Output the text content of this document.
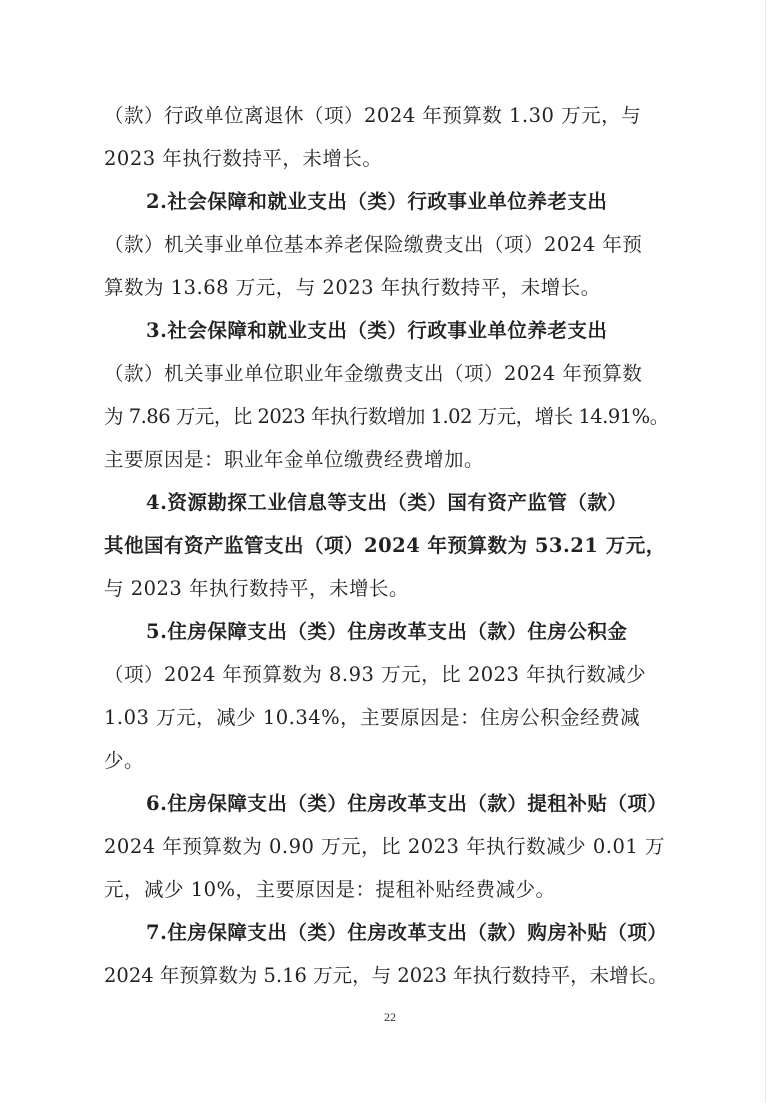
（款）行政单位离退休（项）2024 年预算数 1.30 万元，与
2023 年执行数持平，未增长。
2.社会保障和就业支出（类）行政事业单位养老支出
（款）机关事业单位基本养老保险缴费支出（项）2024 年预
算数为 13.68 万元，与 2023 年执行数持平，未增长。
3.社会保障和就业支出（类）行政事业单位养老支出
（款）机关事业单位职业年金缴费支出（项）2024 年预算数
为 7.86 万元，比 2023 年执行数增加 1.02 万元，增长 14.91%。
主要原因是：职业年金单位缴费经费增加。
4.资源勘探工业信息等支出（类）国有资产监管（款）
其他国有资产监管支出（项）2024 年预算数为 53.21 万元，
与 2023 年执行数持平，未增长。
5.住房保障支出（类）住房改革支出（款）住房公积金
（项）2024 年预算数为 8.93 万元，比 2023 年执行数减少
1.03 万元，减少 10.34%，主要原因是：住房公积金经费减
少。
6.住房保障支出（类）住房改革支出（款）提租补贴（项）
2024 年预算数为 0.90 万元，比 2023 年执行数减少 0.01 万
元，减少 10%，主要原因是：提租补贴经费减少。
7.住房保障支出（类）住房改革支出（款）购房补贴（项）
2024 年预算数为 5.16 万元，与 2023 年执行数持平，未增长。
22
